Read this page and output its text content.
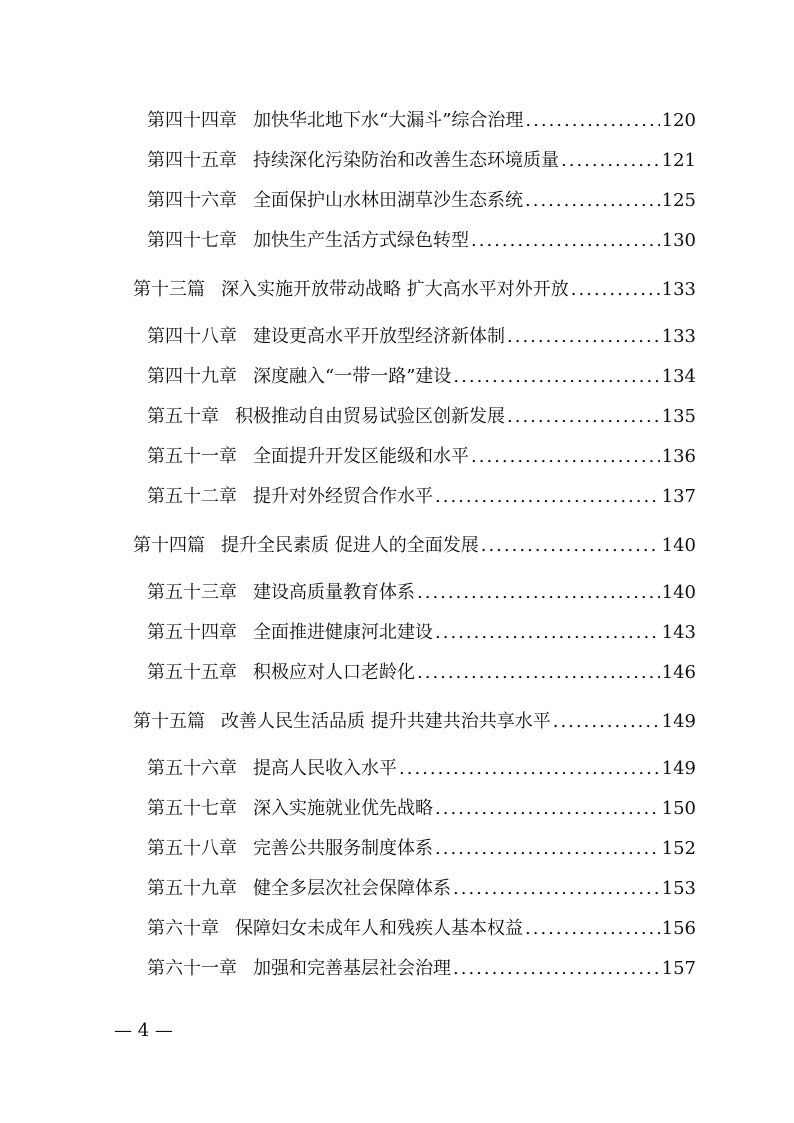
第四十四章 加快华北地下水“大漏斗”综合治理 .....	120
第四十五章 持续深化污染防治和改善生态环境质量 .....	121
第四十六章 全面保护山水林田湖草沙生态系统 .....	125
第四十七章 加快生产生活方式绿色转型 .....	130
第十三篇 深入实施开放带动战略 扩大高水平对外开放 .....	133
第四十八章 建设更高水平开放型经济新体制 .....	133
第四十九章 深度融入“一带一路”建设 .....	134
第五十章 积极推动自由贸易试验区创新发展 .....	135
第五十一章 全面提升开发区能级和水平 .....	136
第五十二章 提升对外经贸合作水平 .....	137
第十四篇 提升全民素质 促进人的全面发展 .....	140
第五十三章 建设高质量教育体系 .....	140
第五十四章 全面推进健康河北建设 .....	143
第五十五章 积极应对人口老龄化 .....	146
第十五篇 改善人民生活品质 提升共建共治共享水平 .....	149
第五十六章 提高人民收入水平 .....	149
第五十七章 深入实施就业优先战略 .....	150
第五十八章 完善公共服务制度体系 .....	152
第五十九章 健全多层次社会保障体系 .....	153
第六十章 保障妇女未成年人和残疾人基本权益 .....	156
第六十一章 加强和完善基层社会治理 .....	157
— 4 —
